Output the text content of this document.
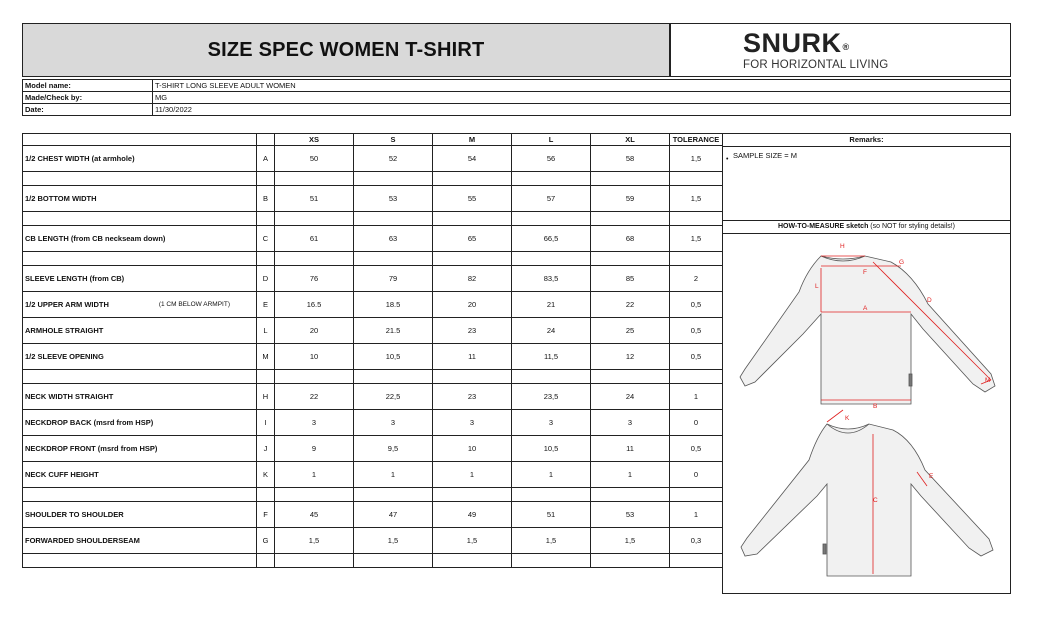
SIZE SPEC WOMEN T-SHIRT	SNURK®
FOR HORIZONTAL LIVING
Model name:	T-SHIRT LONG SLEEVE ADULT WOMEN
Made/Check by:	MG
Date:	11/30/2022
		XS	S	M	L	XL	TOLERANCE
1/2 CHEST WIDTH (at armhole)	A	50	52	54	56	58	1,5

1/2 BOTTOM WIDTH	B	51	53	55	57	59	1,5

CB LENGTH (from CB neckseam down)	C	61	63	65	66,5	68	1,5

SLEEVE LENGTH (from CB)	D	76	79	82	83,5	85	2
1/2 UPPER ARM WIDTH (1 CM BELOW ARMPIT)	E	16.5	18.5	20	21	22	0,5
ARMHOLE STRAIGHT	L	20	21.5	23	24	25	0,5
1/2 SLEEVE OPENING	M	10	10,5	11	11,5	12	0,5

NECK WIDTH STRAIGHT	H	22	22,5	23	23,5	24	1
NECKDROP BACK (msrd from HSP)	I	3	3	3	3	3	0
NECKDROP FRONT (msrd from HSP)	J	9	9,5	10	10,5	11	0,5
NECK CUFF HEIGHT	K	1	1	1	1	1	0

SHOULDER TO SHOULDER	F	45	47	49	51	53	1
FORWARDED SHOULDERSEAM	G	1,5	1,5	1,5	1,5	1,5	0,3

Remarks:
• SAMPLE SIZE = M
HOW-TO-MEASURE sketch (so NOT for styling details!)
H
F
G
L
A
D
M
B
K
C
E
